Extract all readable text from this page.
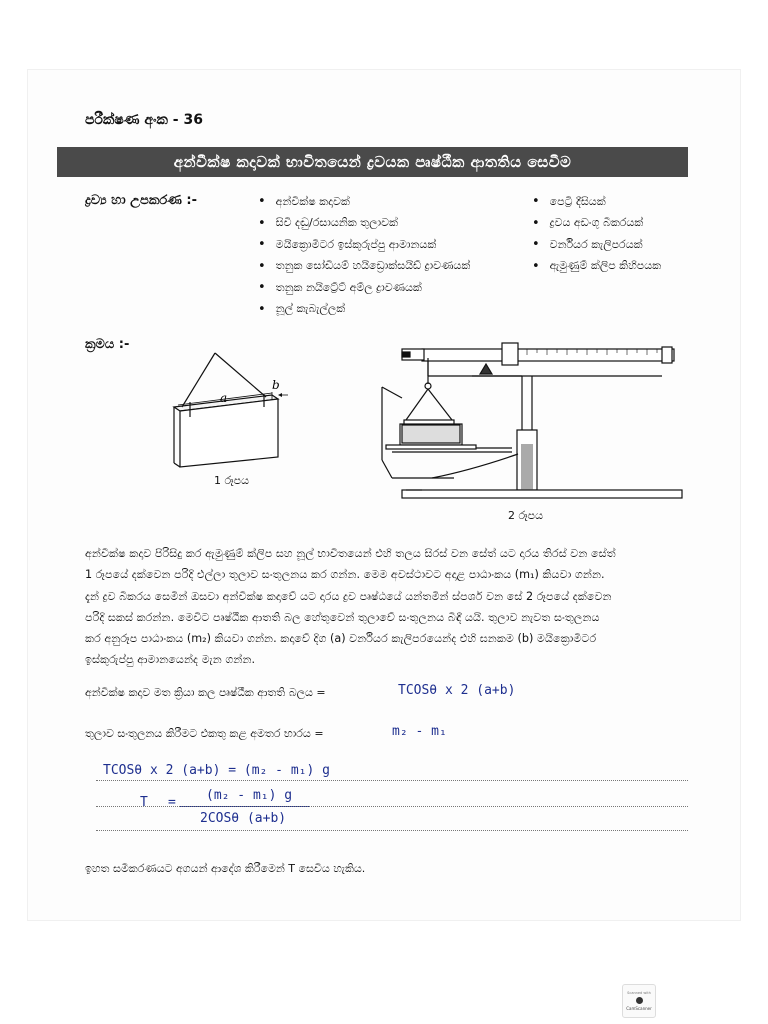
පරීක්ෂණ අංක - 36
අන්වීක්ෂ කදාවක් භාවිතයෙන් ද්‍රවයක පෘෂ්ඨීක ආතතිය සෙවීම
ද්‍රව්‍ය හා උපකරණ :-
•	අන්වීක්ෂ කදාවක්
• සිවි දඬු/රසායනික තුලාවක්
• මයික්‍රොමීටර ඉස්කුරුප්පු ආමානයක්
• තනුක සෝඩියම් හයිඩ්‍රොක්සයිඩ් ද්‍රාවණයක්
• තනුක නයිට්‍රේට් අම්ල ද්‍රාවණයක්
• නූල් කැබැල්ලක්
• පෙට්‍රි දීසියක්
• ද්‍රවය අඩංගු බීකරයක්
• වර්නියර කැලිපරයක්
• ඇමුණුම් ක්ලිප කිහිපයක
ක්‍රමය :-
a
b
1 රූපය
2 රූපය
අන්වීක්ෂ කදාව පිරිසිදු කර ඇමුණුම් ක්ලිප සහ නූල් භාවිතයෙන් එහි තලය සිරස් වන සේත් යට දාරය තිරස් වන සේත්
1 රූපයේ දක්වෙන පරිදි එල්ලා තුලාව සංතුලනය කර ගන්න. මෙම අවස්ථාවට අදාළ පාඨාංකය (m₁) කියවා ගන්න.
දැන් ද්‍රව බීකරය සෙමින් ඔසවා අන්වීක්ෂ කදාවේ යට දාරය ද්‍රව පෘෂ්ඨයේ යන්තමින් ස්පර්ශ වන සේ 2 රූපයේ දක්වෙන
පරිදි සකස් කරන්න. මෙවිට පෘෂ්ඨීක ආතති බල හේතුවෙන් තුලාවේ සංතුලනය බිඳී යයි. තුලාව නැවත සංතුලනය
කර අනුරූප පාඨාංකය (m₂) කියවා ගන්න. කදාවේ දිග (a) වර්නියර කැලිපරයෙන්ද එහි ඝනකම (b) මයික්‍රොමීටර
ඉස්කුරුප්පු ආමානයෙන්ද මැන ගන්න.
අන්වීක්ෂ කදාව මත ක්‍රියා කල පෘෂ්ඨීක ආතති බලය =	TCOSθ x 2 (a+b)
තුලාව සංතුලනය කිරීමට එකතු කළ අමතර භාරය =	m₂ - m₁
TCOSθ x 2 (a+b) = (m₂ - m₁) g
T = (m₂ - m₁) g
2COSθ (a+b)
ඉහත සමීකරණයට අගයන් ආදේශ කිරීමෙන් T සෙවිය හැකිය.
Scanned with
CamScanner
